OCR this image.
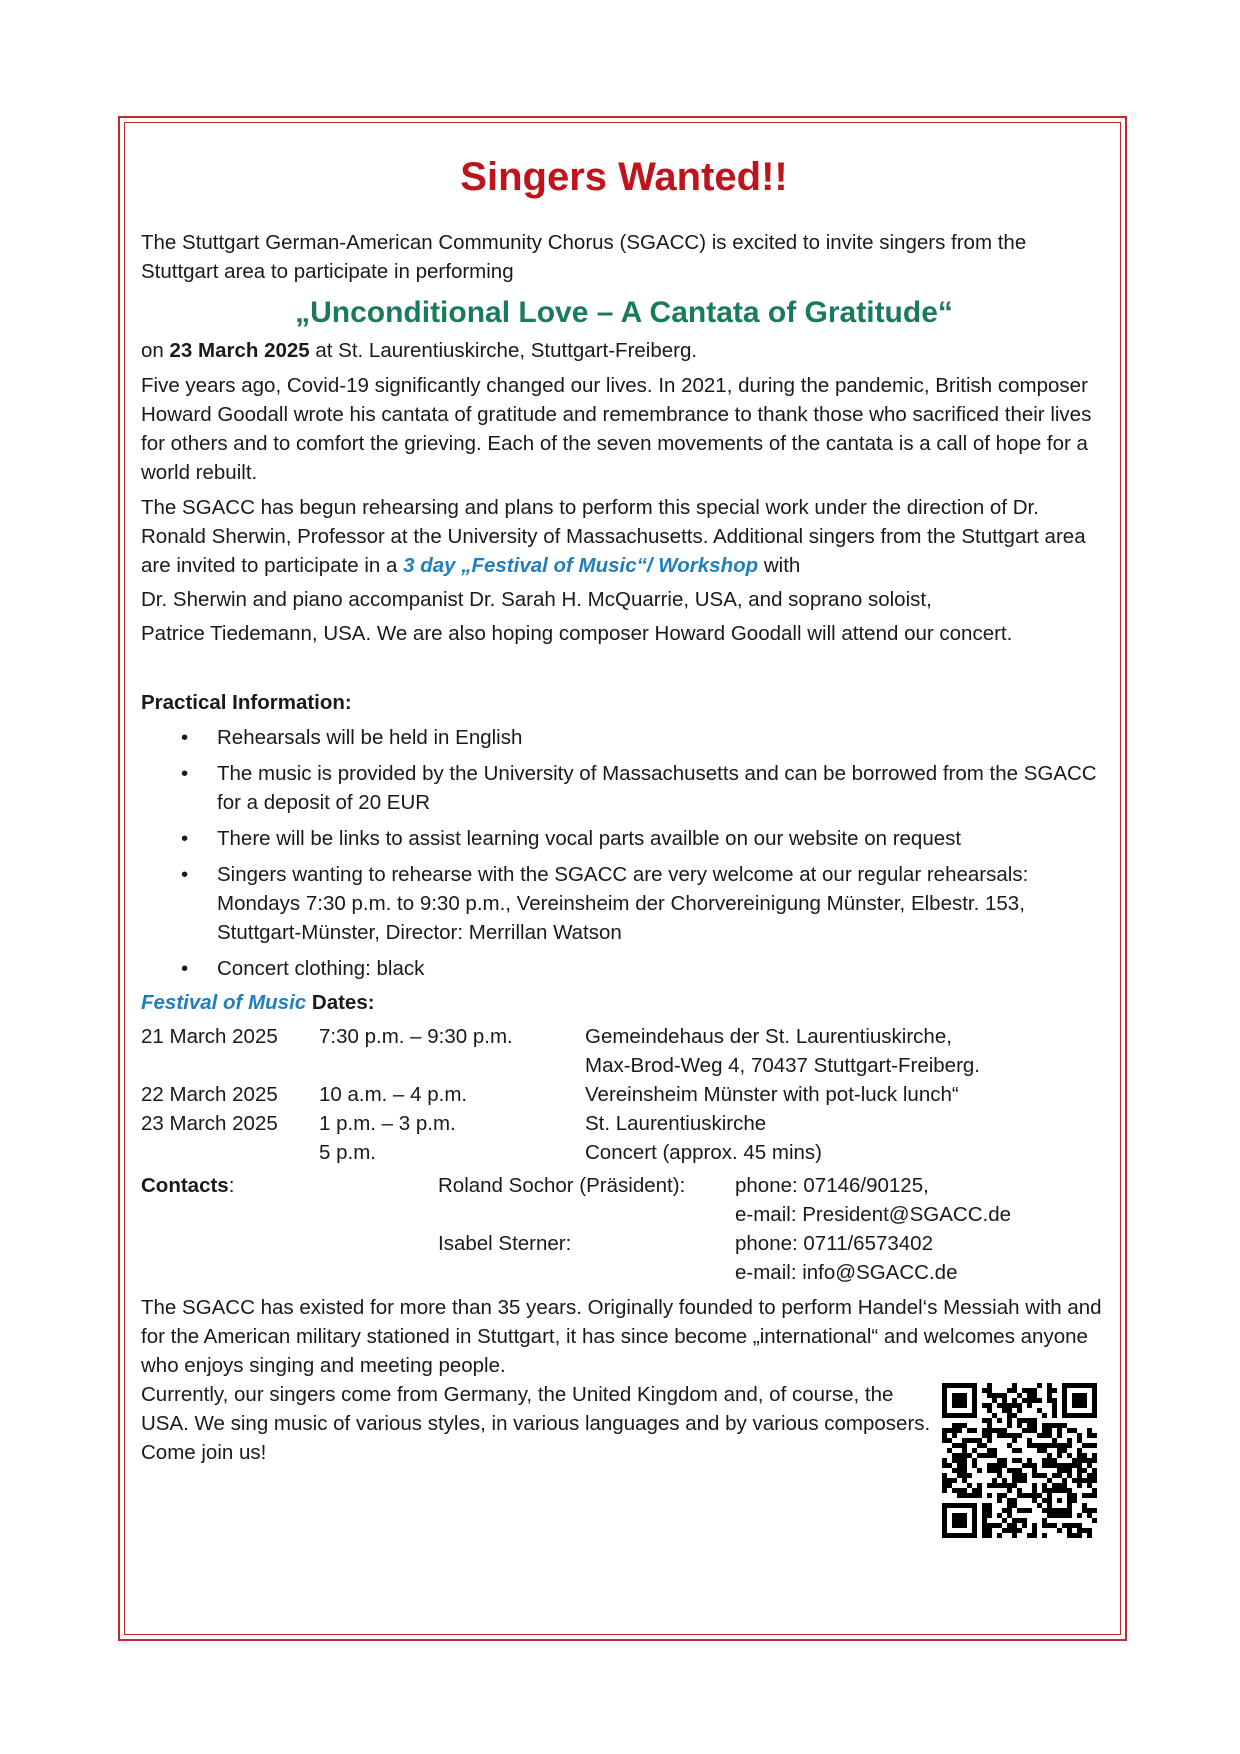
Singers Wanted!!

The Stuttgart German-American Community Chorus (SGACC) is excited to invite singers from the Stuttgart area to participate in performing

„Unconditional Love – A Cantata of Gratitude“

on 23 March 2025 at St. Laurentiuskirche, Stuttgart-Freiberg.

Five years ago, Covid-19 significantly changed our lives. In 2021, during the pandemic, British composer Howard Goodall wrote his cantata of gratitude and remembrance to thank those who sacrificed their lives for others and to comfort the grieving. Each of the seven movements of the cantata is a call of hope for a world rebuilt.

The SGACC has begun rehearsing and plans to perform this special work under the direction of Dr. Ronald Sherwin, Professor at the University of Massachusetts. Additional singers from the Stuttgart area are invited to participate in a 3 day „Festival of Music“/ Workshop with

Dr. Sherwin and piano accompanist Dr. Sarah H. McQuarrie, USA, and soprano soloist,

Patrice Tiedemann, USA. We are also hoping composer Howard Goodall will attend our concert.

Practical Information:
• Rehearsals will be held in English
• The music is provided by the University of Massachusetts and can be borrowed from the SGACC for a deposit of 20 EUR
• There will be links to assist learning vocal parts availble on our website on request
• Singers wanting to rehearse with the SGACC are very welcome at our regular rehearsals: Mondays 7:30 p.m. to 9:30 p.m., Vereinsheim der Chorvereinigung Münster, Elbestr. 153, Stuttgart-Münster, Director: Merrillan Watson
• Concert clothing: black
Festival of Music Dates:
21 March 2025	7:30 p.m. – 9:30 p.m.	Gemeindehaus der St. Laurentiuskirche,
		Max-Brod-Weg 4, 70437 Stuttgart-Freiberg.
22 March 2025	10 a.m. – 4 p.m.	Vereinsheim Münster with pot-luck lunch“
23 March 2025	1 p.m. – 3 p.m.	St. Laurentiuskirche
	5 p.m.	Concert (approx. 45 mins)
Contacts:	Roland Sochor (Präsident):	phone: 07146/90125,
		e-mail: President@SGACC.de
	Isabel Sterner:	phone: 0711/6573402
		e-mail: info@SGACC.de

The SGACC has existed for more than 35 years. Originally founded to perform Handel‘s Messiah with and for the American military stationed in Stuttgart, it has since become „international“ and welcomes anyone who enjoys singing and meeting people.

Currently, our singers come from Germany, the United Kingdom and, of course, the USA. We sing music of various styles, in various languages and by various composers. Come join us!
